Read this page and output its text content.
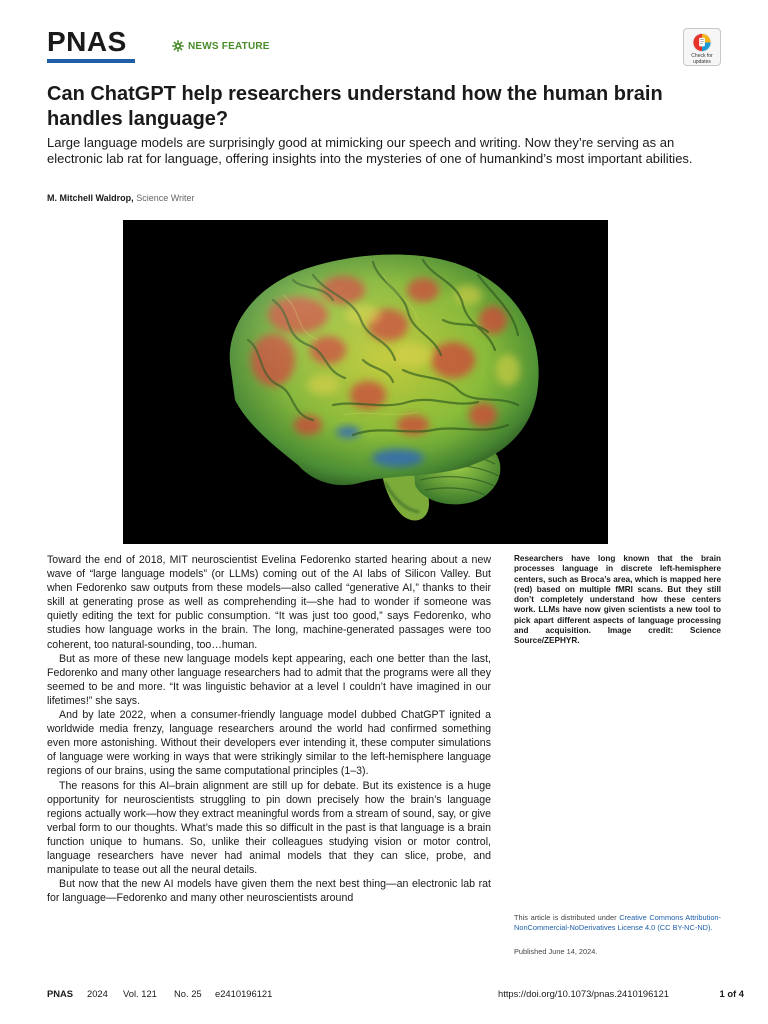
PNAS	NEWS FEATURE
Check for updates
Can ChatGPT help researchers understand how the human brain handles language?

Large language models are surprisingly good at mimicking our speech and writing. Now they’re serving as an electronic lab rat for language, offering insights into the mysteries of one of humankind’s most important abilities.

M. Mitchell Waldrop, Science Writer

Toward the end of 2018, MIT neuroscientist Evelina Fedorenko started hearing about a new wave of “large language models” (or LLMs) coming out of the AI labs of Silicon Valley. But when Fedorenko saw outputs from these models—also called “generative AI,” thanks to their skill at generating prose as well as comprehending it—she had to wonder if someone was quietly editing the text for public consumption. “It was just too good,” says Fedorenko, who studies how language works in the brain. The long, machine-generated passages were too coherent, too natural-sounding, too…human.

But as more of these new language models kept appearing, each one better than the last, Fedorenko and many other language researchers had to admit that the programs were all they seemed to be and more. “It was linguistic behavior at a level I couldn’t have imagined in our lifetimes!” she says.

And by late 2022, when a consumer-friendly language model dubbed ChatGPT ignited a worldwide media frenzy, language researchers around the world had confirmed something even more astonishing. Without their developers ever intending it, these computer simulations of language were working in ways that were strikingly similar to the left-hemisphere language regions of our brains, using the same computational principles (1–3).

The reasons for this AI–brain alignment are still up for debate. But its existence is a huge opportunity for neuroscientists struggling to pin down precisely how the brain’s language regions actually work—how they extract meaningful words from a stream of sound, say, or give verbal form to our thoughts. What’s made this so difficult in the past is that language is a brain function unique to humans. So, unlike their colleagues studying vision or motor control, language researchers have never had animal models that they can slice, probe, and manipulate to tease out all the neural details.

But now that the new AI models have given them the next best thing—an electronic lab rat for language—Fedorenko and many other neuroscientists around

Researchers have long known that the brain processes language in discrete left-hemisphere centers, such as Broca’s area, which is mapped here (red) based on multiple fMRI scans. But they still don’t completely understand how these centers work. LLMs have now given scientists a new tool to pick apart different aspects of language processing and acquisition. Image credit: Science Source/ZEPHYR.

This article is distributed under Creative Commons Attribution-NonCommercial-NoDerivatives License 4.0 (CC BY-NC-ND).

Published June 14, 2024.

PNAS 2024 Vol. 121 No. 25 e2410196121	https://doi.org/10.1073/pnas.2410196121	1 of 4
